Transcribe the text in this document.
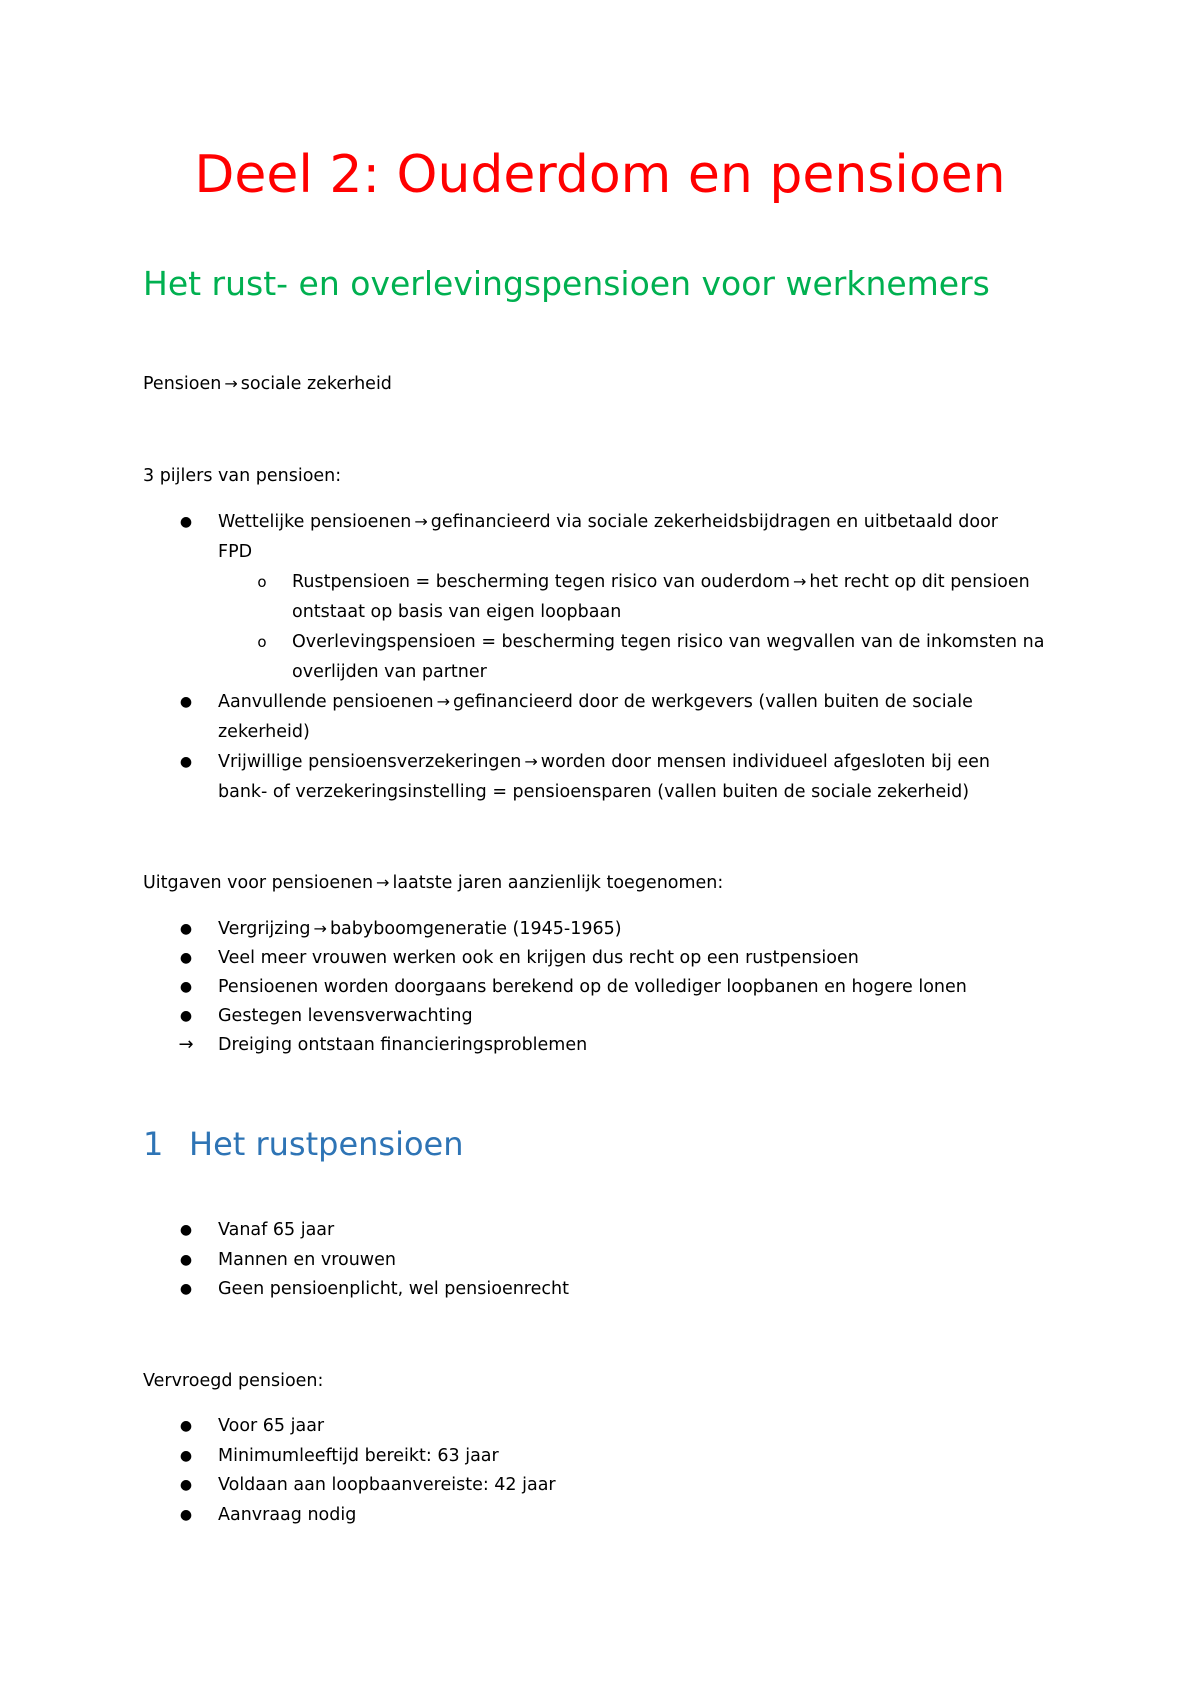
Deel 2: Ouderdom en pensioen
Het rust- en overlevingspensioen voor werknemers
Pensioen → sociale zekerheid
3 pijlers van pensioen:
● Wettelijke pensioenen → gefinancieerd via sociale zekerheidsbijdragen en uitbetaald door
FPD
o	Rustpensioen = bescherming tegen risico van ouderdom → het recht op dit pensioen
ontstaat op basis van eigen loopbaan
o	Overlevingspensioen = bescherming tegen risico van wegvallen van de inkomsten na
overlijden van partner
● Aanvullende pensioenen → gefinancieerd door de werkgevers (vallen buiten de sociale
zekerheid)
● Vrijwillige pensioensverzekeringen → worden door mensen individueel afgesloten bij een
bank- of verzekeringsinstelling = pensioensparen (vallen buiten de sociale zekerheid)
Uitgaven voor pensioenen → laatste jaren aanzienlijk toegenomen:
● Vergrijzing → babyboomgeneratie (1945-1965)
● Veel meer vrouwen werken ook en krijgen dus recht op een rustpensioen
● Pensioenen worden doorgaans berekend op de vollediger loopbanen en hogere lonen
● Gestegen levensverwachting
→ Dreiging ontstaan financieringsproblemen
1 Het rustpensioen
● Vanaf 65 jaar
● Mannen en vrouwen
● Geen pensioenplicht, wel pensioenrecht
Vervroegd pensioen:
● Voor 65 jaar
● Minimumleeftijd bereikt: 63 jaar
● Voldaan aan loopbaanvereiste: 42 jaar
● Aanvraag nodig
